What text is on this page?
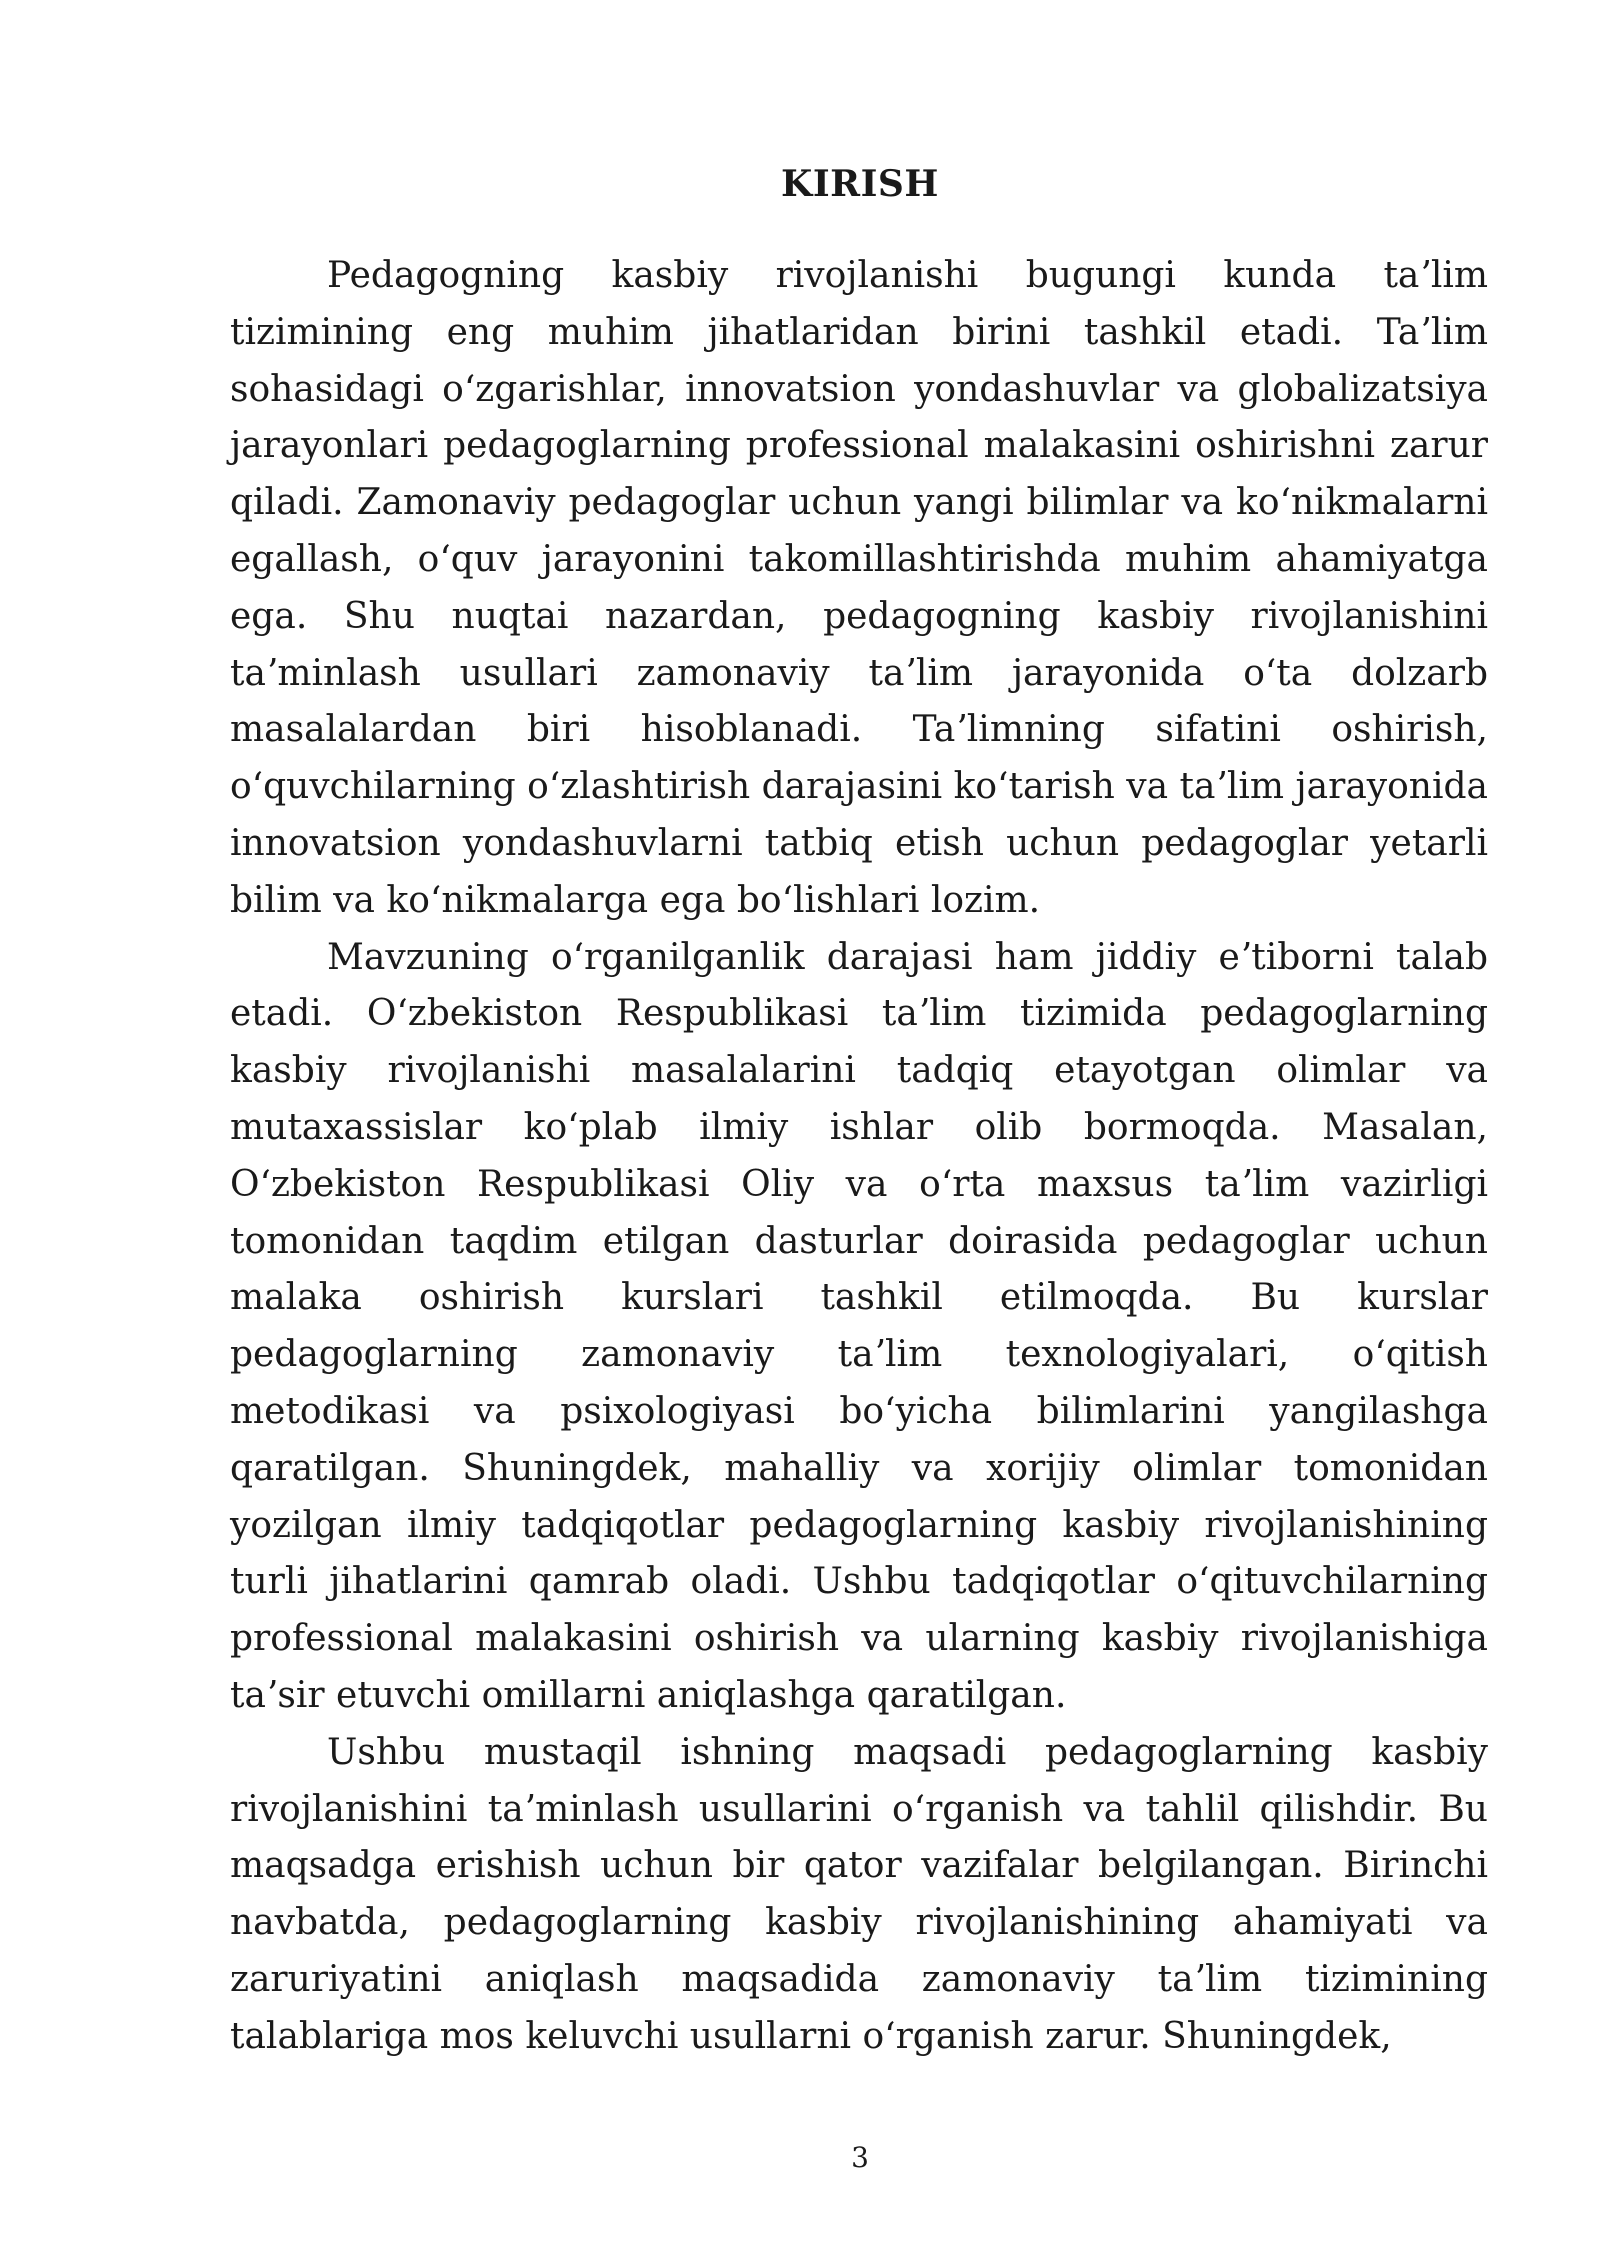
KIRISH

Pedagogning kasbiy rivojlanishi bugungi kunda taʼlim tizimining eng muhim jihatlaridan birini tashkil etadi. Taʼlim sohasidagi oʻzgarishlar, innovatsion yondashuvlar va globalizatsiya jarayonlari pedagoglarning professional malakasini oshirishni zarur qiladi. Zamonaviy pedagoglar uchun yangi bilimlar va koʻnikmalarni egallash, oʻquv jarayonini takomillashtirishda muhim ahamiyatga ega. Shu nuqtai nazardan, pedagogning kasbiy rivojlanishini taʼminlash usullari zamonaviy taʼlim jarayonida oʻta dolzarb masalalardan biri hisoblanadi. Taʼlimning sifatini oshirish, oʻquvchilarning oʻzlashtirish darajasini koʻtarish va taʼlim jarayonida innovatsion yondashuvlarni tatbiq etish uchun pedagoglar yetarli bilim va koʻnikmalarga ega boʻlishlari lozim.

Mavzuning oʻrganilganlik darajasi ham jiddiy eʼtiborni talab etadi. Oʻzbekiston Respublikasi taʼlim tizimida pedagoglarning kasbiy rivojlanishi masalalarini tadqiq etayotgan olimlar va mutaxassislar koʻplab ilmiy ishlar olib bormoqda. Masalan, Oʻzbekiston Respublikasi Oliy va oʻrta maxsus taʼlim vazirligi tomonidan taqdim etilgan dasturlar doirasida pedagoglar uchun malaka oshirish kurslari tashkil etilmoqda. Bu kurslar pedagoglarning zamonaviy taʼlim texnologiyalari, oʻqitish metodikasi va psixologiyasi boʻyicha bilimlarini yangilashga qaratilgan. Shuningdek, mahalliy va xorijiy olimlar tomonidan yozilgan ilmiy tadqiqotlar pedagoglarning kasbiy rivojlanishining turli jihatlarini qamrab oladi. Ushbu tadqiqotlar oʻqituvchilarning professional malakasini oshirish va ularning kasbiy rivojlanishiga taʼsir etuvchi omillarni aniqlashga qaratilgan.

Ushbu mustaqil ishning maqsadi pedagoglarning kasbiy rivojlanishini taʼminlash usullarini oʻrganish va tahlil qilishdir. Bu maqsadga erishish uchun bir qator vazifalar belgilangan. Birinchi navbatda, pedagoglarning kasbiy rivojlanishining ahamiyati va zaruriyatini aniqlash maqsadida zamonaviy taʼlim tizimining talablariga mos keluvchi usullarni oʻrganish zarur. Shuningdek,

3
